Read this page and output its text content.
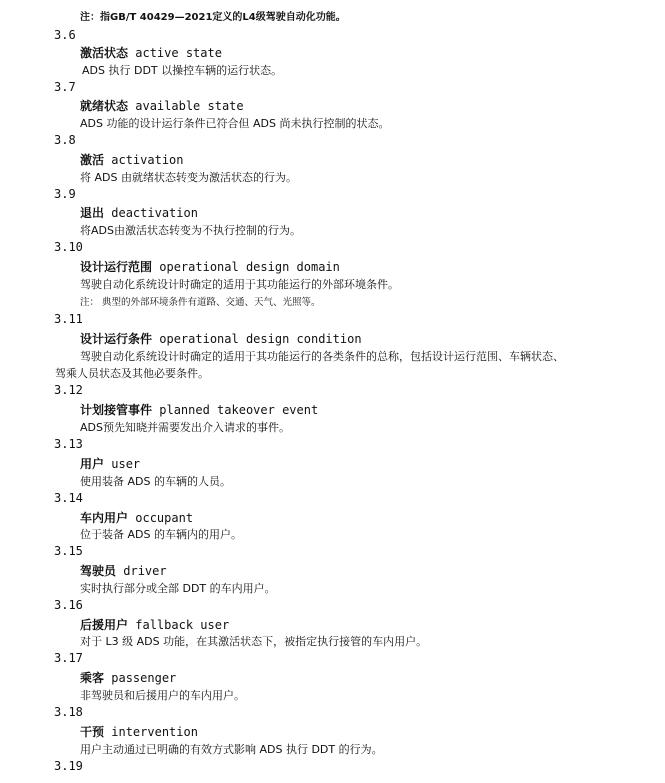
注：指GB/T 40429—2021定义的L4级驾驶自动化功能。
3.6
激活状态 active state
ADS 执行 DDT 以操控车辆的运行状态。
3.7
就绪状态 available state
ADS 功能的设计运行条件已符合但 ADS 尚未执行控制的状态。
3.8
激活 activation
将 ADS 由就绪状态转变为激活状态的行为。
3.9
退出 deactivation
将ADS由激活状态转变为不执行控制的行为。
3.10
设计运行范围 operational design domain
驾驶自动化系统设计时确定的适用于其功能运行的外部环境条件。
注： 典型的外部环境条件有道路、交通、天气、光照等。
3.11
设计运行条件 operational design condition
驾驶自动化系统设计时确定的适用于其功能运行的各类条件的总称，包括设计运行范围、车辆状态、
驾乘人员状态及其他必要条件。
3.12
计划接管事件 planned takeover event
ADS预先知晓并需要发出介入请求的事件。
3.13
用户 user
使用装备 ADS 的车辆的人员。
3.14
车内用户 occupant
位于装备 ADS 的车辆内的用户。
3.15
驾驶员 driver
实时执行部分或全部 DDT 的车内用户。
3.16
后援用户 fallback user
对于 L3 级 ADS 功能，在其激活状态下，被指定执行接管的车内用户。
3.17
乘客 passenger
非驾驶员和后援用户的车内用户。
3.18
干预 intervention
用户主动通过已明确的有效方式影响 ADS 执行 DDT 的行为。
3.19
